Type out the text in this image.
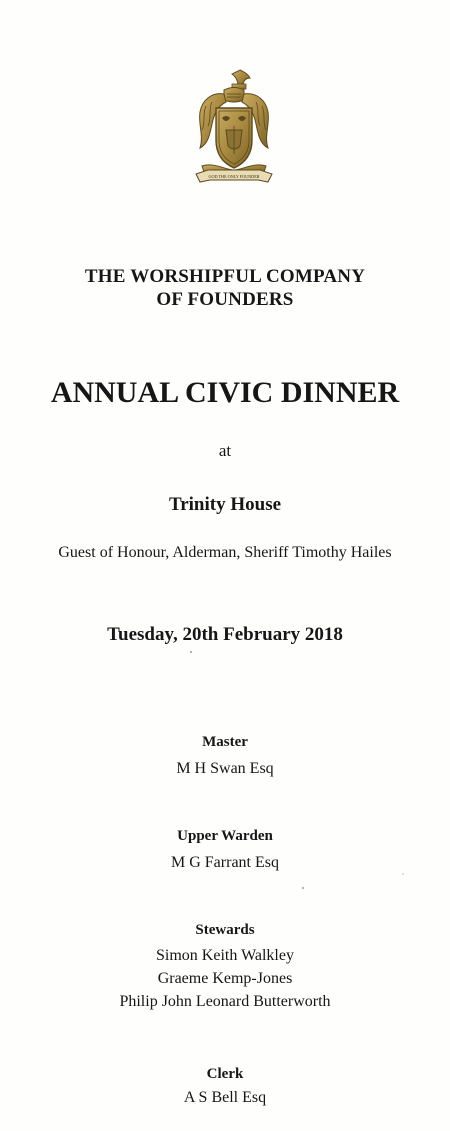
GOD THE ONLY FOUNDER
THE WORSHIPFUL COMPANY
OF FOUNDERS
ANNUAL CIVIC DINNER
at
Trinity House
Guest of Honour, Alderman, Sheriff Timothy Hailes
Tuesday, 20th February 2018
Master
M H Swan Esq
Upper Warden
M G Farrant Esq
Stewards
Simon Keith Walkley
Graeme Kemp-Jones
Philip John Leonard Butterworth
Clerk
A S Bell Esq
